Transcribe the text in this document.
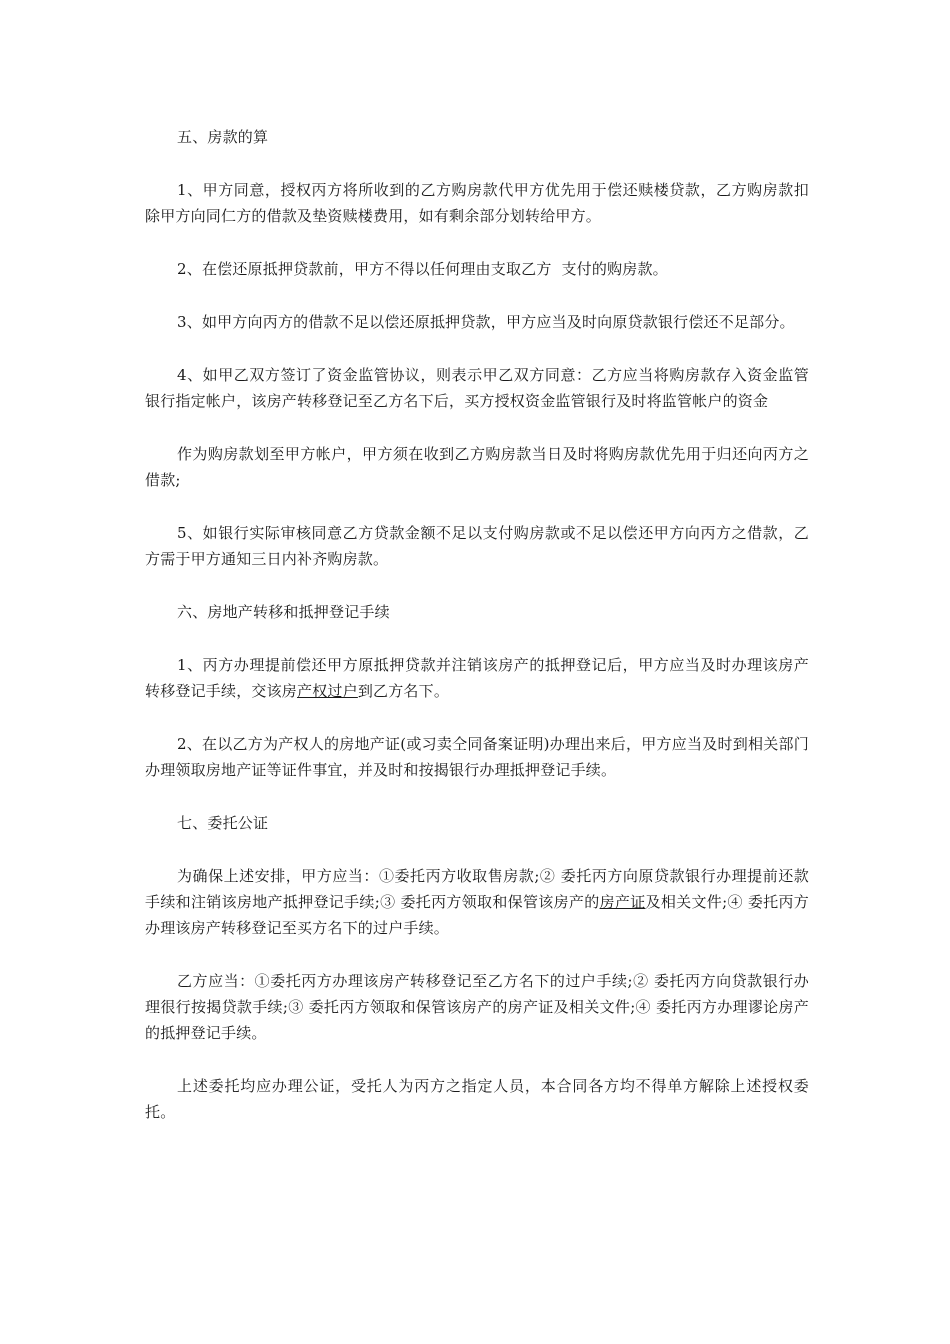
五、房款的算

1、甲方同意，授权丙方将所收到的乙方购房款代甲方优先用于偿还赎楼贷款，乙方购房款扣除甲方向同仁方的借款及垫资赎楼费用，如有剩余部分划转给甲方。

2、在偿还原抵押贷款前，甲方不得以任何理由支取乙方  支付的购房款。

3、如甲方向丙方的借款不足以偿还原抵押贷款，甲方应当及时向原贷款银行偿还不足部分。

4、如甲乙双方签订了资金监管协议，则表示甲乙双方同意：乙方应当将购房款存入资金监管银行指定帐户，该房产转移登记至乙方名下后，买方授权资金监管银行及时将监管帐户的资金

作为购房款划至甲方帐户，甲方须在收到乙方购房款当日及时将购房款优先用于归还向丙方之借款;

5、如银行实际审核同意乙方贷款金额不足以支付购房款或不足以偿还甲方向丙方之借款，乙方需于甲方通知三日内补齐购房款。

六、房地产转移和抵押登记手续

1、丙方办理提前偿还甲方原抵押贷款并注销该房产的抵押登记后，甲方应当及时办理该房产转移登记手续，交该房产权过户到乙方名下。

2、在以乙方为产权人的房地产证(或习卖仝同备案证明)办理出来后，甲方应当及时到相关部门办理领取房地产证等证件事宜，并及时和按揭银行办理抵押登记手续。

七、委托公证

为确保上述安排，甲方应当：①委托丙方收取售房款;② 委托丙方向原贷款银行办理提前还款手续和注销该房地产抵押登记手续;③ 委托丙方领取和保管该房产的房产证及相关文件;④ 委托丙方办理该房产转移登记至买方名下的过户手续。

乙方应当：①委托丙方办理该房产转移登记至乙方名下的过户手续;② 委托丙方向贷款银行办理很行按揭贷款手续;③ 委托丙方领取和保管该房产的房产证及相关文件;④ 委托丙方办理谬论房产的抵押登记手续。

上述委托均应办理公证，受托人为丙方之指定人员，本合同各方均不得单方解除上述授权委托。
